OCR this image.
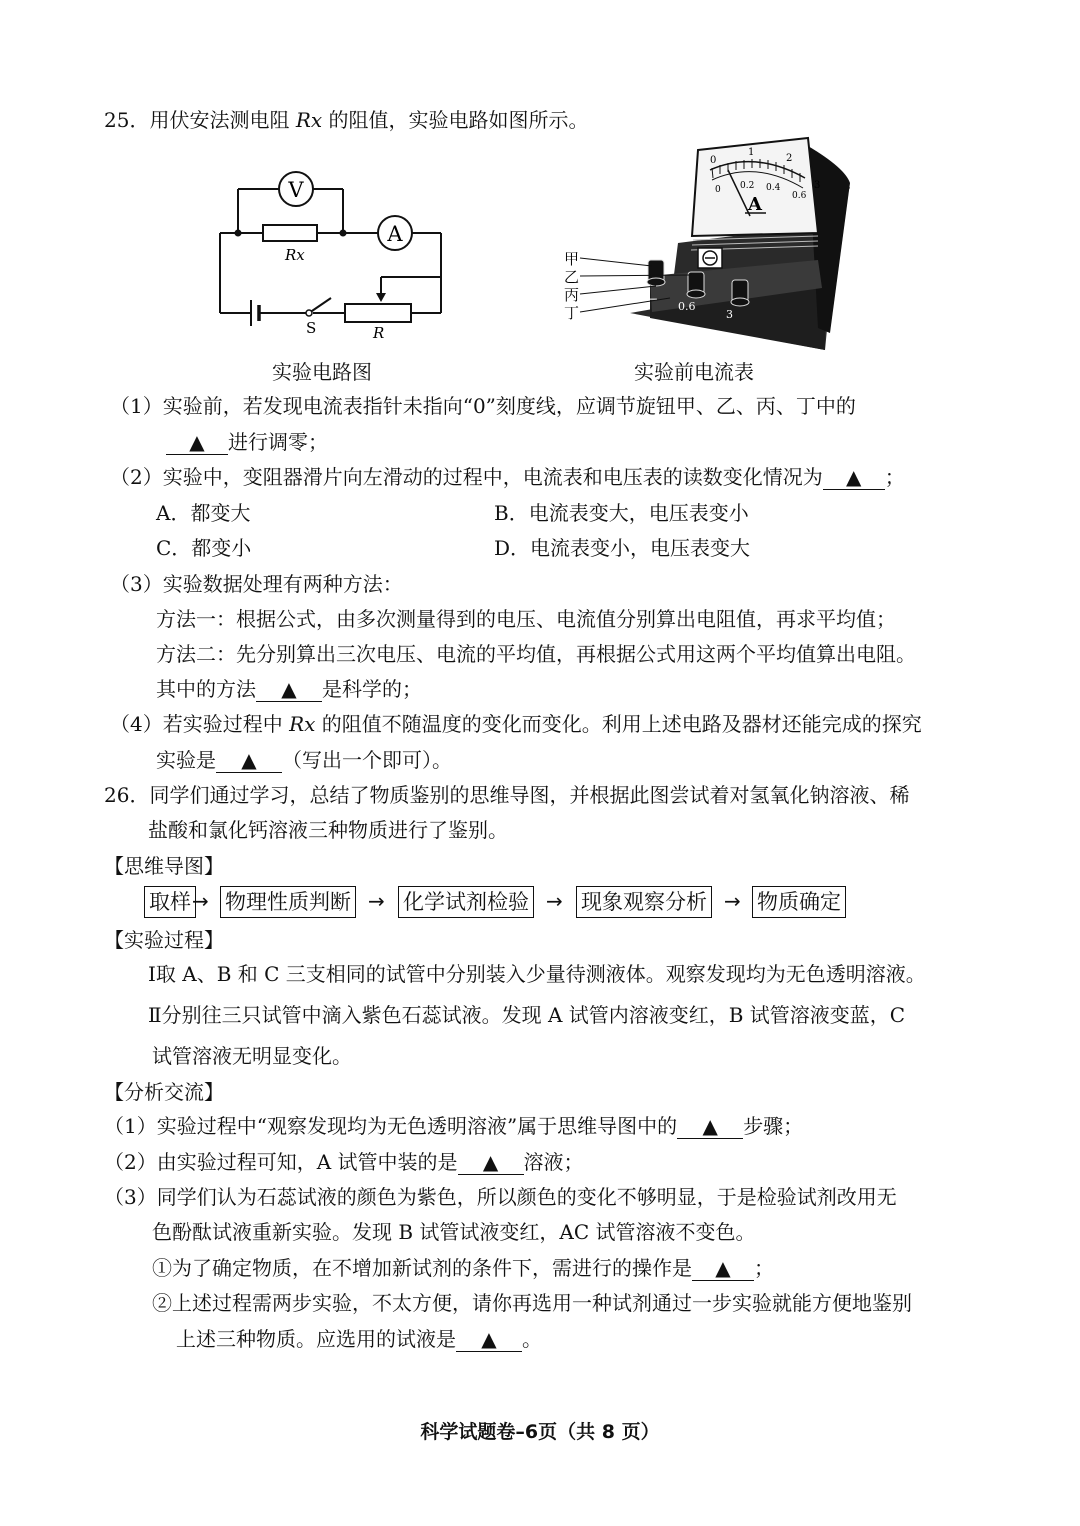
25．用伏安法测电阻 Rx 的阻值，实验电路如图所示。
V
A
Rx
S	R
实验电路图
0
1
2
3
0 0.2 0.4
0.6
A
−
0.6
3
甲
乙
丙
丁
实验前电流表
（1）实验前，若发现电流表指针未指向“0”刻度线，应调节旋钮甲、乙、丙、丁中的
▲ 进行调零；
（2）实验中，变阻器滑片向左滑动的过程中，电流表和电压表的读数变化情况为 ▲ ；
A．都变大	B．电流表变大，电压表变小
C．都变小	D．电流表变小，电压表变大
（3）实验数据处理有两种方法：
方法一：根据公式，由多次测量得到的电压、电流值分别算出电阻值，再求平均值；
方法二：先分别算出三次电压、电流的平均值，再根据公式用这两个平均值算出电阻。
其中的方法 ▲ 是科学的；
（4）若实验过程中 Rx 的阻值不随温度的变化而变化。利用上述电路及器材还能完成的探究
实验是 ▲ （写出一个即可）。
26．同学们通过学习，总结了物质鉴别的思维导图，并根据此图尝试着对氢氧化钠溶液、稀
盐酸和氯化钙溶液三种物质进行了鉴别。
【思维导图】
取样 → 物理性质判断 → 化学试剂检验 → 现象观察分析 → 物质确定
【实验过程】
Ⅰ取 A、B 和 C 三支相同的试管中分别装入少量待测液体。观察发现均为无色透明溶液。
Ⅱ分别往三只试管中滴入紫色石蕊试液。发现 A 试管内溶液变红，B 试管溶液变蓝，C
试管溶液无明显变化。
【分析交流】
（1）实验过程中“观察发现均为无色透明溶液”属于思维导图中的 ▲ 步骤；
（2）由实验过程可知，A 试管中装的是 ▲ 溶液；
（3）同学们认为石蕊试液的颜色为紫色，所以颜色的变化不够明显，于是检验试剂改用无
色酚酞试液重新实验。发现 B 试管试液变红，AC 试管溶液不变色。
①为了确定物质，在不增加新试剂的条件下，需进行的操作是 ▲ ；
②上述过程需两步实验，不太方便，请你再选用一种试剂通过一步实验就能方便地鉴别
上述三种物质。应选用的试液是 ▲ 。
科学试题卷–6页（共 8 页）
